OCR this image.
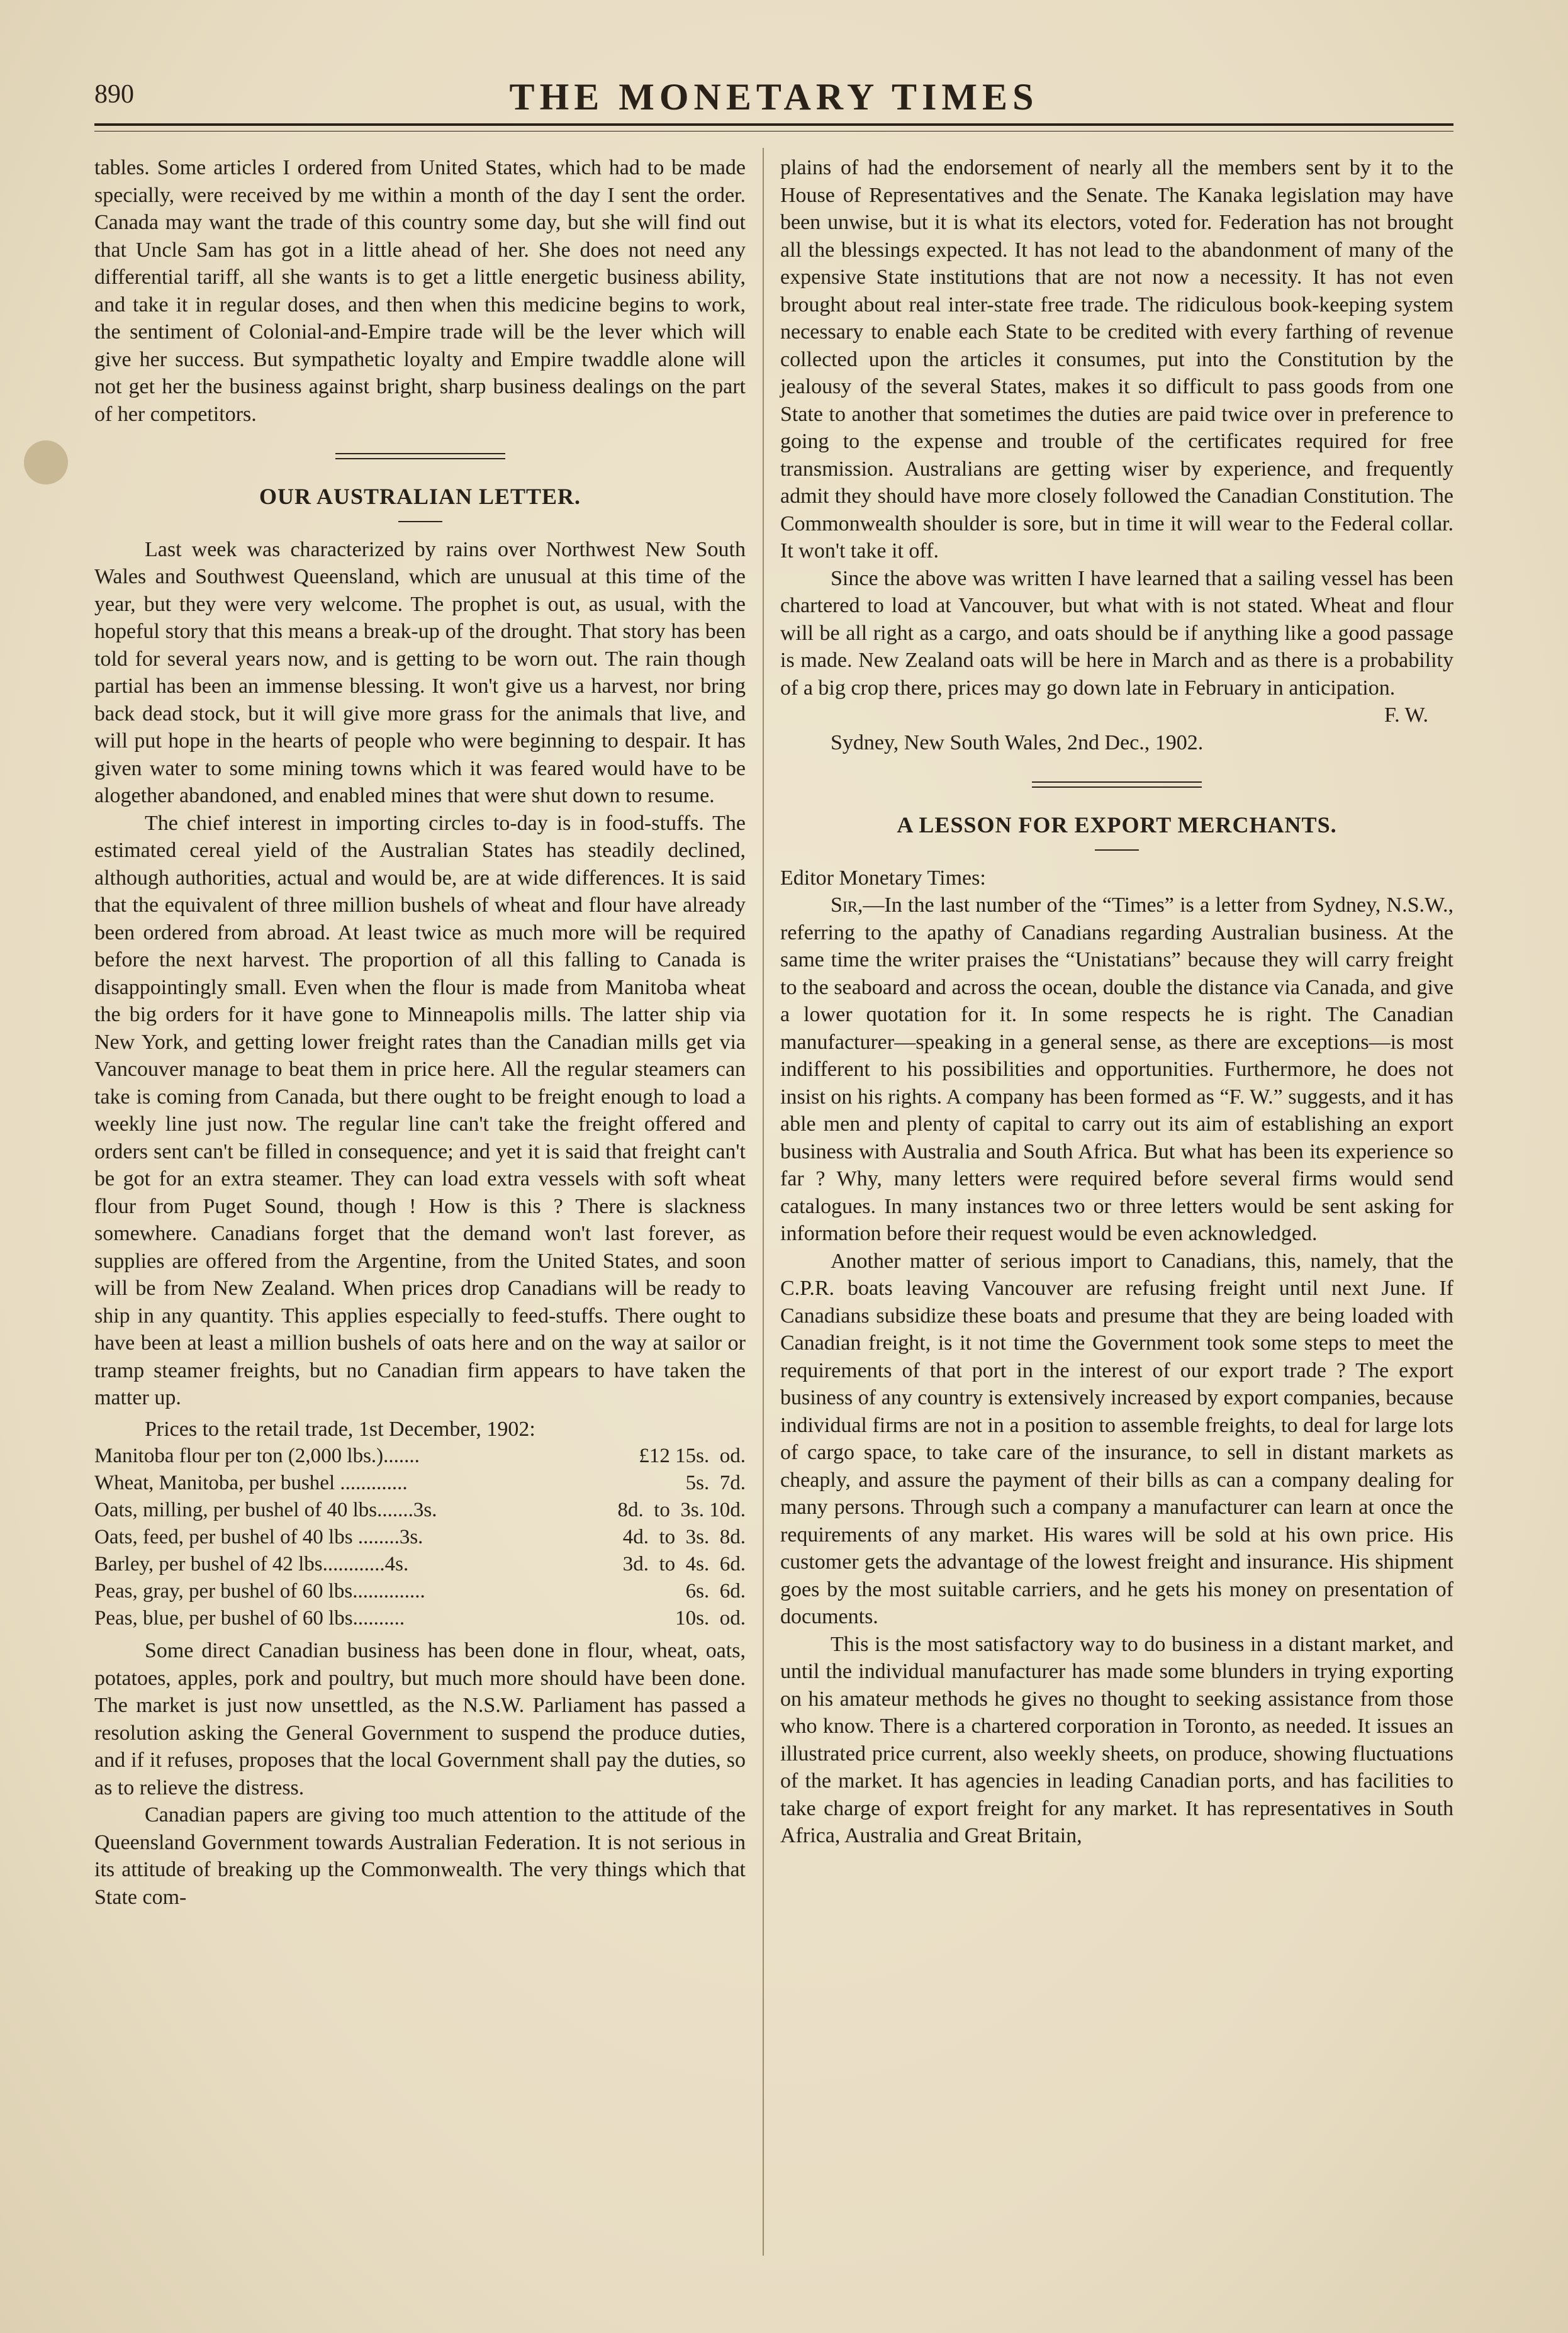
890	THE MONETARY TIMES

tables. Some articles I ordered from United States, which had to be made specially, were received by me within a month of the day I sent the order. Canada may want the trade of this country some day, but she will find out that Uncle Sam has got in a little ahead of her. She does not need any differential tariff, all she wants is to get a little energetic business ability, and take it in regular doses, and then when this medicine begins to work, the sentiment of Colonial-and-Empire trade will be the lever which will give her success. But sympathetic loyalty and Empire twaddle alone will not get her the business against bright, sharp business dealings on the part of her competitors.

OUR AUSTRALIAN LETTER.

Last week was characterized by rains over Northwest New South Wales and Southwest Queensland, which are unusual at this time of the year, but they were very welcome. The prophet is out, as usual, with the hopeful story that this means a break-up of the drought. That story has been told for several years now, and is getting to be worn out. The rain though partial has been an immense blessing. It won't give us a harvest, nor bring back dead stock, but it will give more grass for the animals that live, and will put hope in the hearts of people who were beginning to despair. It has given water to some mining towns which it was feared would have to be alogether abandoned, and enabled mines that were shut down to resume.

The chief interest in importing circles to-day is in food-stuffs. The estimated cereal yield of the Australian States has steadily declined, although authorities, actual and would be, are at wide differences. It is said that the equivalent of three million bushels of wheat and flour have already been ordered from abroad. At least twice as much more will be required before the next harvest. The proportion of all this falling to Canada is disappointingly small. Even when the flour is made from Manitoba wheat the big orders for it have gone to Minneapolis mills. The latter ship via New York, and getting lower freight rates than the Canadian mills get via Vancouver manage to beat them in price here. All the regular steamers can take is coming from Canada, but there ought to be freight enough to load a weekly line just now. The regular line can't take the freight offered and orders sent can't be filled in consequence; and yet it is said that freight can't be got for an extra steamer. They can load extra vessels with soft wheat flour from Puget Sound, though ! How is this ? There is slackness somewhere. Canadians forget that the demand won't last forever, as supplies are offered from the Argentine, from the United States, and soon will be from New Zealand. When prices drop Canadians will be ready to ship in any quantity. This applies especially to feed-stuffs. There ought to have been at least a million bushels of oats here and on the way at sailor or tramp steamer freights, but no Canadian firm appears to have taken the matter up.

Prices to the retail trade, 1st December, 1902:

Manitoba flour per ton (2,000 lbs.).......	£12 15s.  od.
Wheat, Manitoba, per bushel .............	5s.  7d.
Oats, milling, per bushel of 40 lbs.......3s.	8d.  to  3s. 10d.
Oats, feed, per bushel of 40 lbs ........3s.	4d.  to  3s.  8d.
Barley, per bushel of 42 lbs............4s.	3d.  to  4s.  6d.
Peas, gray, per bushel of 60 lbs..............	6s.  6d.
Peas, blue, per bushel of 60 lbs..........	10s.  od.

Some direct Canadian business has been done in flour, wheat, oats, potatoes, apples, pork and poultry, but much more should have been done. The market is just now unsettled, as the N.S.W. Parliament has passed a resolution asking the General Government to suspend the produce duties, and if it refuses, proposes that the local Government shall pay the duties, so as to relieve the distress.

Canadian papers are giving too much attention to the attitude of the Queensland Government towards Australian Federation. It is not serious in its attitude of breaking up the Commonwealth. The very things which that State com-

plains of had the endorsement of nearly all the members sent by it to the House of Representatives and the Senate. The Kanaka legislation may have been unwise, but it is what its electors, voted for. Federation has not brought all the blessings expected. It has not lead to the abandonment of many of the expensive State institutions that are not now a necessity. It has not even brought about real inter-state free trade. The ridiculous book-keeping system necessary to enable each State to be credited with every farthing of revenue collected upon the articles it consumes, put into the Constitution by the jealousy of the several States, makes it so difficult to pass goods from one State to another that sometimes the duties are paid twice over in preference to going to the expense and trouble of the certificates required for free transmission. Australians are getting wiser by experience, and frequently admit they should have more closely followed the Canadian Constitution. The Commonwealth shoulder is sore, but in time it will wear to the Federal collar. It won't take it off.

Since the above was written I have learned that a sailing vessel has been chartered to load at Vancouver, but what with is not stated. Wheat and flour will be all right as a cargo, and oats should be if anything like a good passage is made. New Zealand oats will be here in March and as there is a probability of a big crop there, prices may go down late in February in anticipation.

F. W.

Sydney, New South Wales, 2nd Dec., 1902.

A LESSON FOR EXPORT MERCHANTS.

Editor Monetary Times:

Sir,—In the last number of the “Times” is a letter from Sydney, N.S.W., referring to the apathy of Canadians regarding Australian business. At the same time the writer praises the “Unistatians” because they will carry freight to the seaboard and across the ocean, double the distance via Canada, and give a lower quotation for it. In some respects he is right. The Canadian manufacturer—speaking in a general sense, as there are exceptions—is most indifferent to his possibilities and opportunities. Furthermore, he does not insist on his rights. A company has been formed as “F. W.” suggests, and it has able men and plenty of capital to carry out its aim of establishing an export business with Australia and South Africa. But what has been its experience so far ? Why, many letters were required before several firms would send catalogues. In many instances two or three letters would be sent asking for information before their request would be even acknowledged.

Another matter of serious import to Canadians, this, namely, that the C.P.R. boats leaving Vancouver are refusing freight until next June. If Canadians subsidize these boats and presume that they are being loaded with Canadian freight, is it not time the Government took some steps to meet the requirements of that port in the interest of our export trade ? The export business of any country is extensively increased by export companies, because individual firms are not in a position to assemble freights, to deal for large lots of cargo space, to take care of the insurance, to sell in distant markets as cheaply, and assure the payment of their bills as can a company dealing for many persons. Through such a company a manufacturer can learn at once the requirements of any market. His wares will be sold at his own price. His customer gets the advantage of the lowest freight and insurance. His shipment goes by the most suitable carriers, and he gets his money on presentation of documents.

This is the most satisfactory way to do business in a distant market, and until the individual manufacturer has made some blunders in trying exporting on his amateur methods he gives no thought to seeking assistance from those who know. There is a chartered corporation in Toronto, as needed. It issues an illustrated price current, also weekly sheets, on produce, showing fluctuations of the market. It has agencies in leading Canadian ports, and has facilities to take charge of export freight for any market. It has representatives in South Africa, Australia and Great Britain,
